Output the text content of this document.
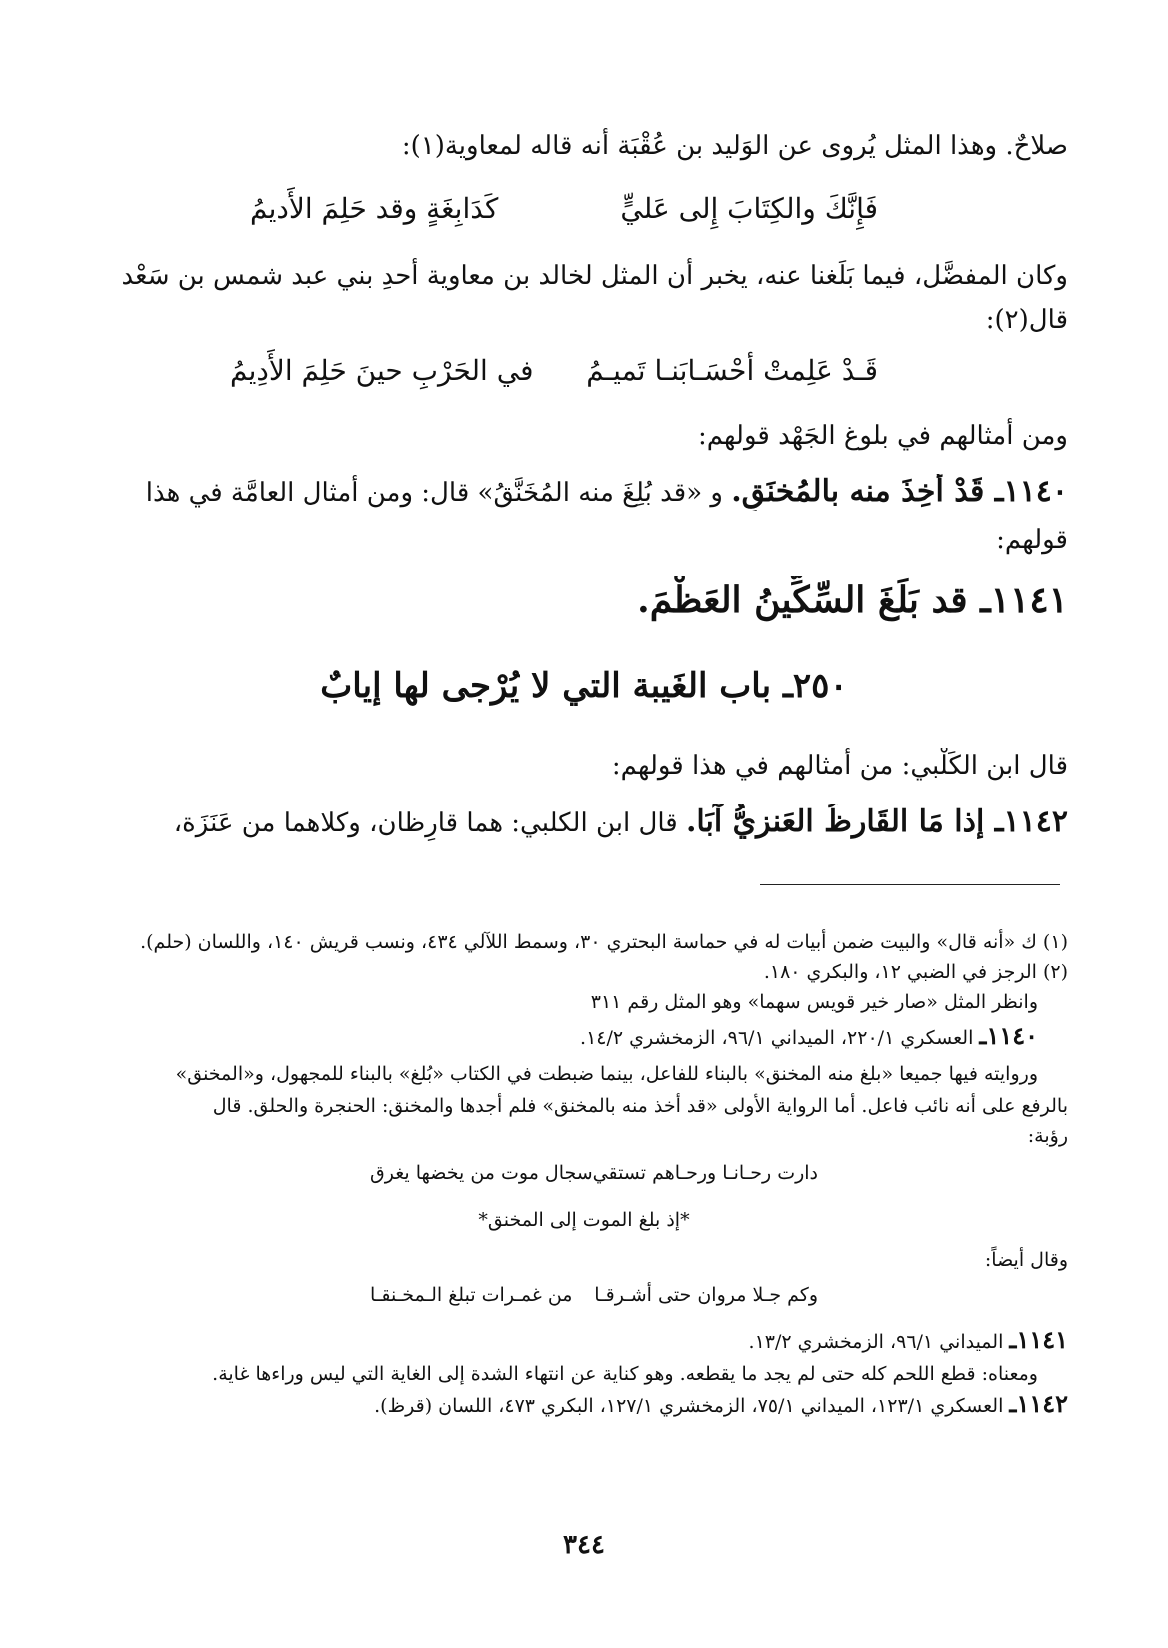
صلاحٌ. وهذا المثل يُروى عن الوَليد بن عُقْبَة أنه قاله لمعاوية(١):
فَإِنَّكَ والكِتَابَ إِلى عَليٍّ
كَدَابِغَةٍ وقد حَلِمَ الأَديمُ
وكان المفضَّل، فيما بَلَغنا عنه، يخبر أن المثل لخالد بن معاوية أحدِ بني عبد شمس بن سَعْد
قال(٢):
قَـدْ عَلِمتْ أحْسَـابَنـا تَميـمُ
في الحَرْبِ حينَ حَلِمَ الأَدِيمُ
ومن أمثالهم في بلوغ الجَهْد قولهم:
١١٤٠ـ قَدْ أُخِذَ منه بالمُخنَقِ. و «قد بُلِغَ منه المُخَنَّقُ» قال: ومن أمثال العامَّة في هذا
قولهم:
١١٤١ـ قد بَلَغَ السِّكِّينُ العَظْمَ.
٢٥٠ـ باب الغَيبة التي لا يُرْجى لها إيابٌ
قال ابن الكَلْبي: من أمثالهم في هذا قولهم:
١١٤٢ـ إذا مَا القَارظُ العَنزيُّ آبَا. قال ابن الكلبي: هما قارِظان، وكلاهما من عَنَزَة،
(١) ك «أنه قال» والبيت ضمن أبيات له في حماسة البحتري ٣٠، وسمط اللآلي ٤٣٤، ونسب قريش ١٤٠، واللسان (حلم).
(٢) الرجز في الضبي ١٢، والبكري ١٨٠.
وانظر المثل «صار خير قويس سهما» وهو المثل رقم ٣١١
١١٤٠ـ العسكري ٢٢٠/١، الميداني ٩٦/١، الزمخشري ١٤/٢.
وروايته فيها جميعا «بلغ منه المخنق» بالبناء للفاعل، بينما ضبطت في الكتاب «بُلغ» بالبناء للمجهول، و«المخنق»
بالرفع على أنه نائب فاعل. أما الرواية الأولى «قد أخذ منه بالمخنق» فلم أجدها والمخنق: الحنجرة والحلق. قال
رؤبة:
دارت رحـانـا ورحـاهم تستقي
سجال موت من يخضها يغرق
*إذ بلغ الموت إلى المخنق*
وقال أيضاً:
وكم جـلا مروان حتى أشـرقـا
من غمـرات تبلغ الـمخـنقـا
١١٤١ـ الميداني ٩٦/١، الزمخشري ١٣/٢.
ومعناه: قطع اللحم كله حتى لم يجد ما يقطعه. وهو كناية عن انتهاء الشدة إلى الغاية التي ليس وراءها غاية.
١١٤٢ـ العسكري ١٢٣/١، الميداني ٧٥/١، الزمخشري ١٢٧/١، البكري ٤٧٣، اللسان (قرظ).
٣٤٤
